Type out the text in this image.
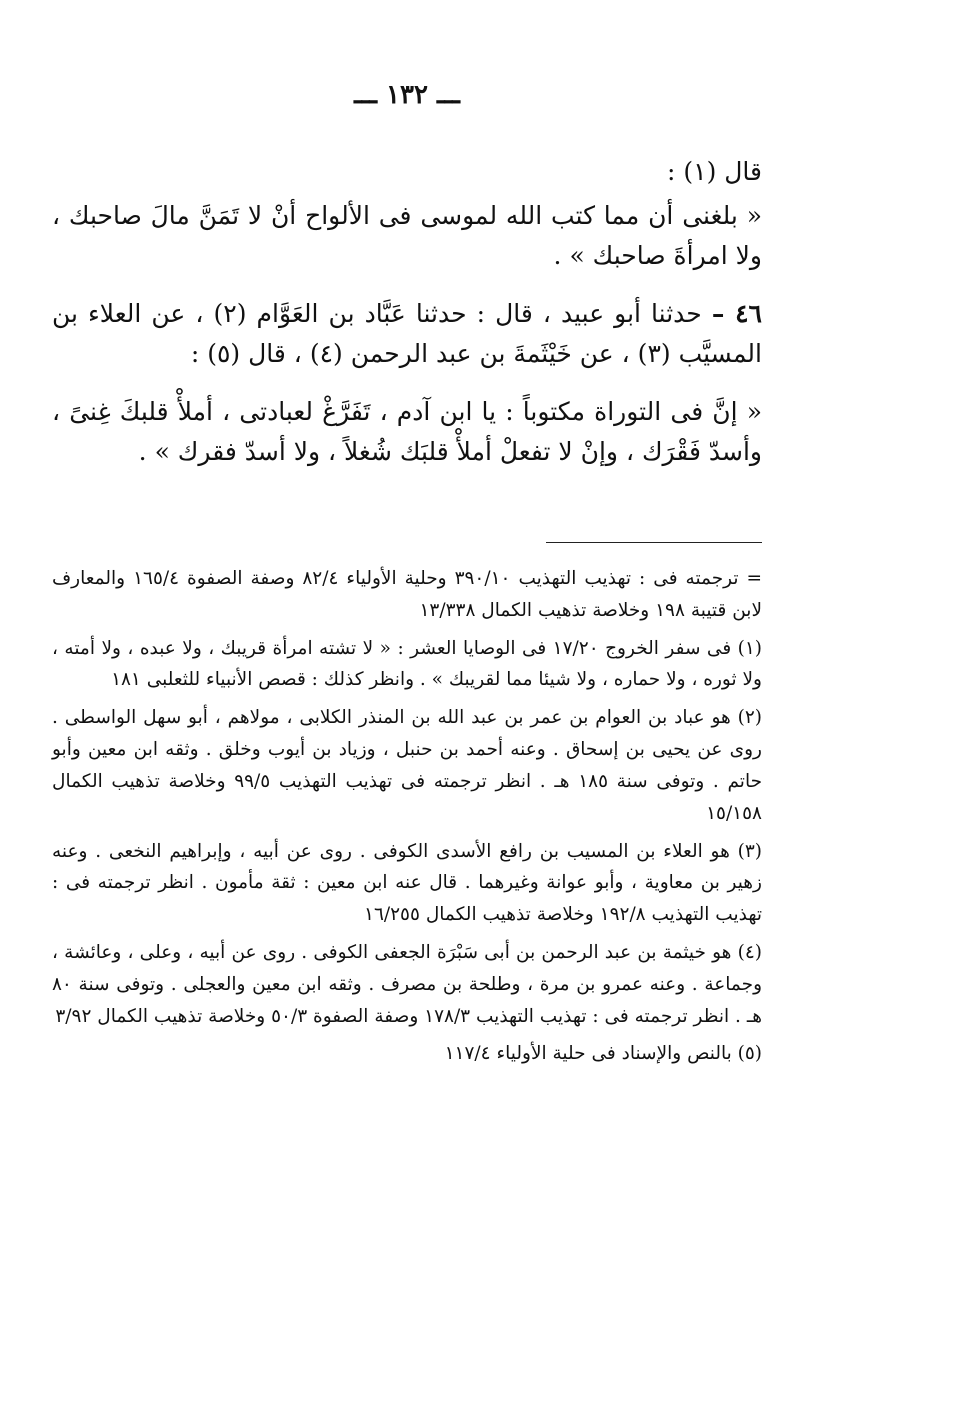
ـــ ١٣٢ ـــ

قال (١) :

« بلغنى أن مما كتب الله لموسى فى الألواح أنْ لا تَمَنَّ مالَ صاحبك ، ولا امرأةَ صاحبك » .

٤٦ – حدثنا أبو عبيد ، قال : حدثنا عَبَّاد بن العَوَّام (٢) ، عن العلاء بن المسيَّب (٣) ، عن خَيْثَمةَ بن عبد الرحمن (٤) ، قال (٥) :

« إنَّ فى التوراة مكتوباً : يا ابن آدم ، تَفَرَّغْ لعبادتى ، أملأْ قلبكَ غِنىً ، وأسدّ فَقْرَك ، وإنْ لا تفعلْ أملأْ قلبَك شُغلاً ، ولا أسدّ فقرك » .

= ترجمته فى : تهذيب التهذيب ٣٩٠/١٠ وحلية الأولياء ٨٢/٤ وصفة الصفوة ١٦٥/٤ والمعارف لابن قتيبة ١٩٨ وخلاصة تذهيب الكمال ١٣/٣٣٨

(١) فى سفر الخروج ١٧/٢٠ فى الوصايا العشر : « لا تشته امرأة قريبك ، ولا عبده ، ولا أمته ، ولا ثوره ، ولا حماره ، ولا شيئا مما لقريبك » . وانظر كذلك : قصص الأنبياء للثعلبى ١٨١

(٢) هو عباد بن العوام بن عمر بن عبد الله بن المنذر الكلابى ، مولاهم ، أبو سهل الواسطى . روى عن يحيى بن إسحاق . وعنه أحمد بن حنبل ، وزياد بن أيوب وخلق . وثقه ابن معين وأبو حاتم . وتوفى سنة ١٨٥ هـ . انظر ترجمته فى تهذيب التهذيب ٩٩/٥ وخلاصة تذهيب الكمال ١٥/١٥٨

(٣) هو العلاء بن المسيب بن رافع الأسدى الكوفى . روى عن أبيه ، وإبراهيم النخعى . وعنه زهير بن معاوية ، وأبو عوانة وغيرهما . قال عنه ابن معين : ثقة مأمون . انظر ترجمته فى : تهذيب التهذيب ١٩٢/٨ وخلاصة تذهيب الكمال ١٦/٢٥٥

(٤) هو خيثمة بن عبد الرحمن بن أبى سَبْرَة الجعفى الكوفى . روى عن أبيه ، وعلى ، وعائشة ، وجماعة . وعنه عمرو بن مرة ، وطلحة بن مصرف . وثقه ابن معين والعجلى . وتوفى سنة ٨٠ هـ . انظر ترجمته فى : تهذيب التهذيب ١٧٨/٣ وصفة الصفوة ٥٠/٣ وخلاصة تذهيب الكمال ٣/٩٢

(٥) بالنص والإسناد فى حلية الأولياء ١١٧/٤
